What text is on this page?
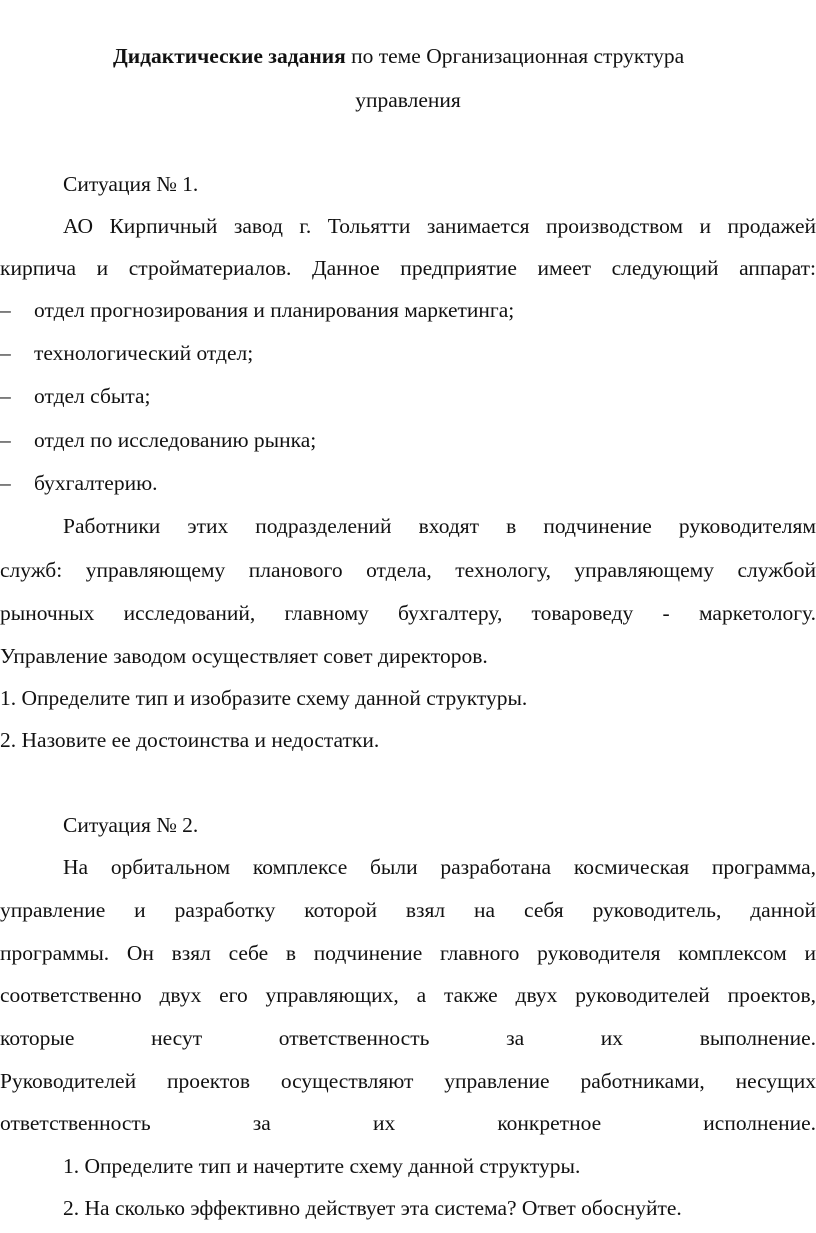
Дидактические задания по теме Организационная структура
управления
Ситуация № 1.
АО Кирпичный завод г. Тольятти занимается производством и продажей
кирпича и стройматериалов. Данное предприятие имеет следующий аппарат:
– отдел прогнозирования и планирования маркетинга;
– технологический отдел;
– отдел сбыта;
– отдел по исследованию рынка;
– бухгалтерию.
Работники этих подразделений входят в подчинение руководителям
служб: управляющему планового отдела, технологу, управляющему службой
рыночных исследований, главному бухгалтеру, товароведу - маркетологу.
Управление заводом осуществляет совет директоров.
1. Определите тип и изобразите схему данной структуры.
2. Назовите ее достоинства и недостатки.
Ситуация № 2.
На орбитальном комплексе были разработана космическая программа,
управление и разработку которой взял на себя руководитель, данной
программы. Он взял себе в подчинение главного руководителя комплексом и
соответственно двух его управляющих, а также двух руководителей проектов,
которые несут ответственность за их выполнение.
Руководителей проектов осуществляют управление работниками, несущих
ответственность за их конкретное исполнение.
1. Определите тип и начертите схему данной структуры.
2. На сколько эффективно действует эта система? Ответ обоснуйте.
